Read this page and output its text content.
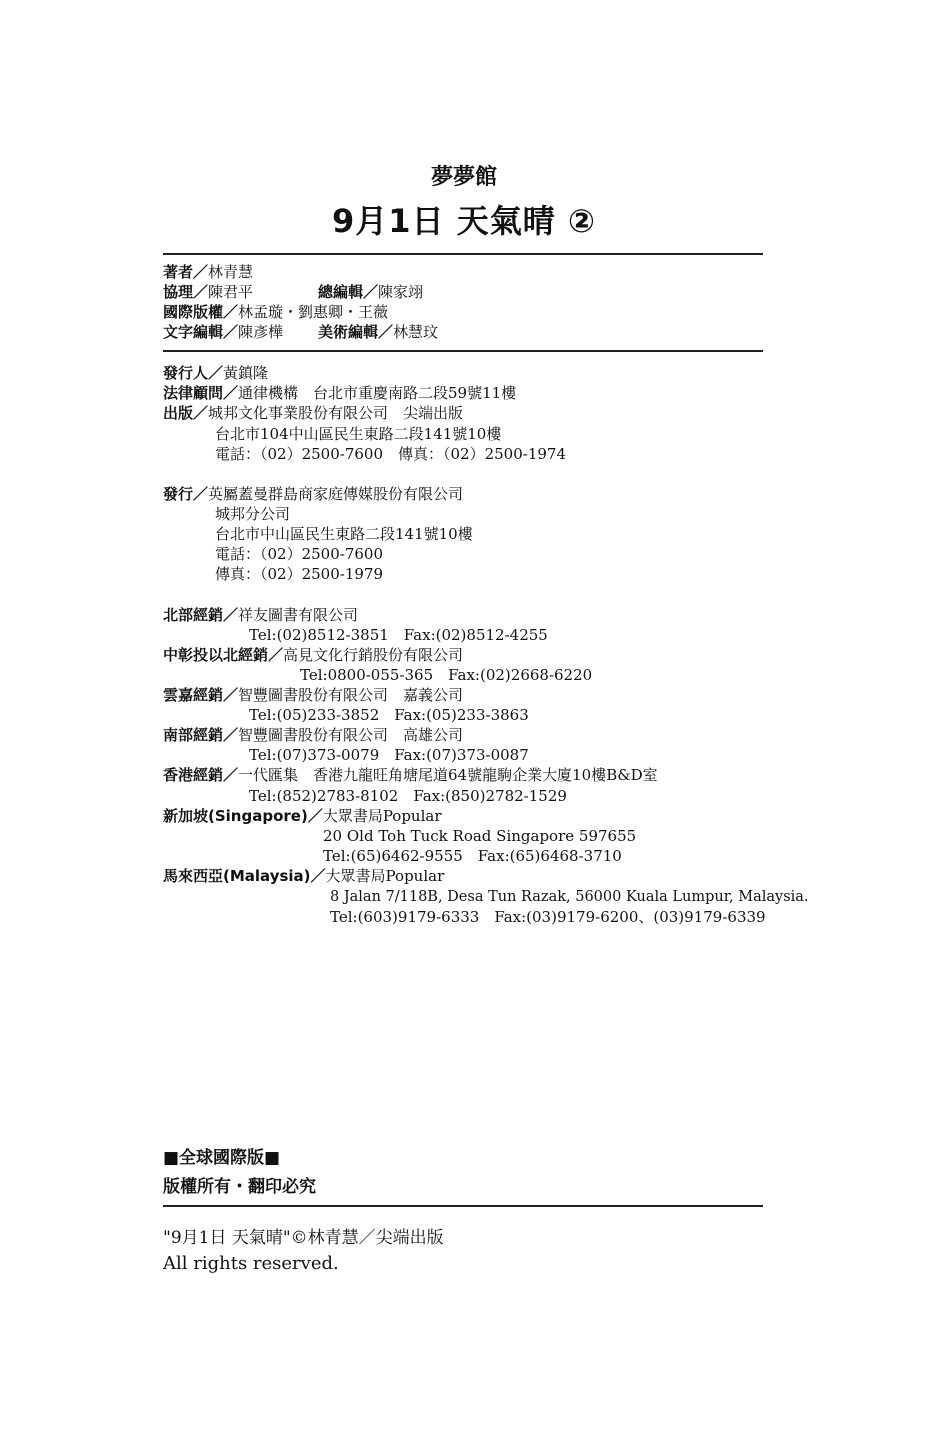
夢夢館
9月1日 天氣晴 ②
著者／林青慧
協理／陳君平	總編輯／陳家翊
國際版權／林孟璇・劉惠卿・王薇
文字編輯／陳彥樺 美術編輯／林慧玟
發行人／黃鎮隆
法律顧問／通律機構　台北市重慶南路二段59號11樓
出版／城邦文化事業股份有限公司　尖端出版
台北市104中山區民生東路二段141號10樓
電話：（02）2500-7600　傳真：（02）2500-1974
發行／英屬蓋曼群島商家庭傳媒股份有限公司
城邦分公司
台北市中山區民生東路二段141號10樓
電話：（02）2500-7600
傳真：（02）2500-1979
北部經銷／祥友圖書有限公司
Tel:(02)8512-3851　Fax:(02)8512-4255
中彰投以北經銷／高見文化行銷股份有限公司
Tel:0800-055-365　Fax:(02)2668-6220
雲嘉經銷／智豐圖書股份有限公司　嘉義公司
Tel:(05)233-3852　Fax:(05)233-3863
南部經銷／智豐圖書股份有限公司　高雄公司
Tel:(07)373-0079　Fax:(07)373-0087
香港經銷／一代匯集　香港九龍旺角塘尾道64號龍駒企業大廈10樓B&D室
Tel:(852)2783-8102　Fax:(850)2782-1529
新加坡(Singapore)／大眾書局Popular
20 Old Toh Tuck Road Singapore 597655
Tel:(65)6462-9555　Fax:(65)6468-3710
馬來西亞(Malaysia)／大眾書局Popular
8 Jalan 7/118B, Desa Tun Razak, 56000 Kuala Lumpur, Malaysia.
Tel:(603)9179-6333　Fax:(03)9179-6200、(03)9179-6339
■全球國際版■
版權所有・翻印必究
"9月1日 天氣晴"©林青慧／尖端出版
All rights reserved.
